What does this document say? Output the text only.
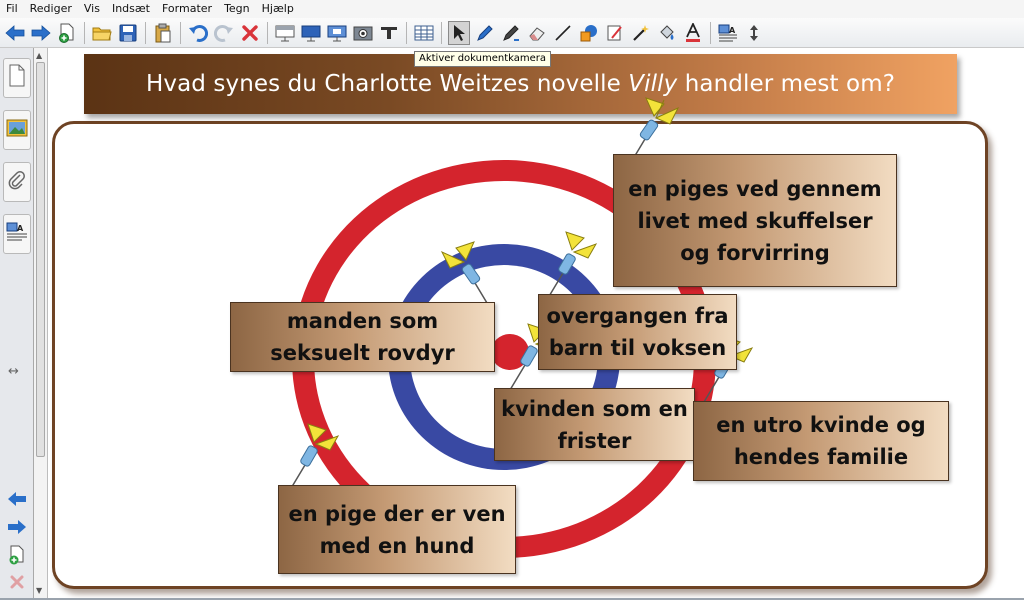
Fil	Rediger	Vis	Indsæt	Formater	Tegn	Hjælp
A
Aktiver dokumentkamera
A
↔
▲
▼
Hvad synes du Charlotte Weitzes novelle Villy handler mest om?
en piges ved gennem livet med skuffelser og forvirring
manden som seksuelt rovdyr
overgangen fra barn til voksen
kvinden som en frister
en utro kvinde og hendes familie
en pige der er ven med en hund
